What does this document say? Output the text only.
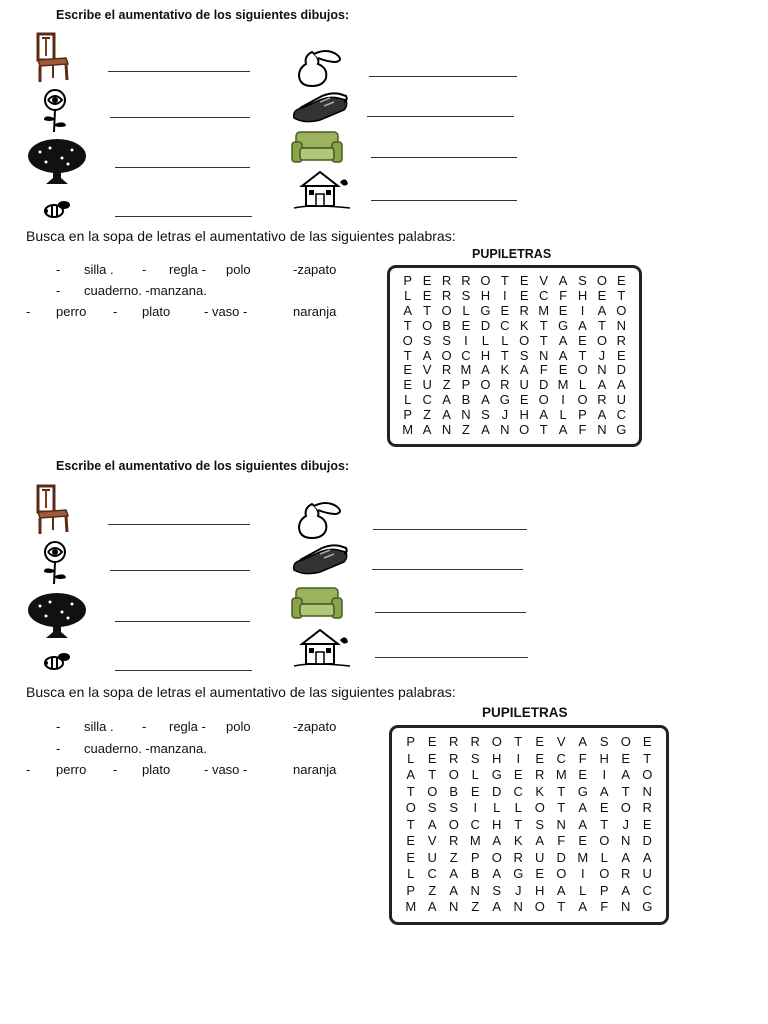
Escribe el aumentativo de los siguientes dibujos:
Busca en la sopa de letras el aumentativo de las siguientes palabras:
- silla . - regla - polo	-zapato
- cuaderno. -manzana.
- perro - plato	- vaso -	naranja
PUPILETRAS
P E R R O T E V A S O E
L E R S H I	E C F H E T
A T O L G E R M E	I	A O
T O B E D C K T G A T N
O S S	I	L L O T A E O R
T A O C H T S N A T J E
E V R M A K A F E O N D
E U Z P O R U D M L A A
L C A B A G E O I O R U
P Z A N S J H A L P A C
M A N Z A N O T A F N G
Escribe el aumentativo de los siguientes dibujos:
Busca en la sopa de letras el aumentativo de las siguientes palabras:
- silla . - regla - polo	-zapato
- cuaderno. -manzana.
- perro - plato	- vaso -	naranja
PUPILETRAS
P E R R O T	E V A S O E
L	E R S H	I	E C F H E	T
A	T O L G E R M E	I	A O
T O B E D C K	T G A	T N
O S S	I	L	L O T	A E O R
T	A O C H T	S N A	T	J	E
E V R M A K A	F	E O N D
E U Z	P O R U D M L	A A
L	C A B A G E O	I	O R U
P	Z	A N S	J	H A	L	P A C
M A N Z	A N O T	A	F N G
